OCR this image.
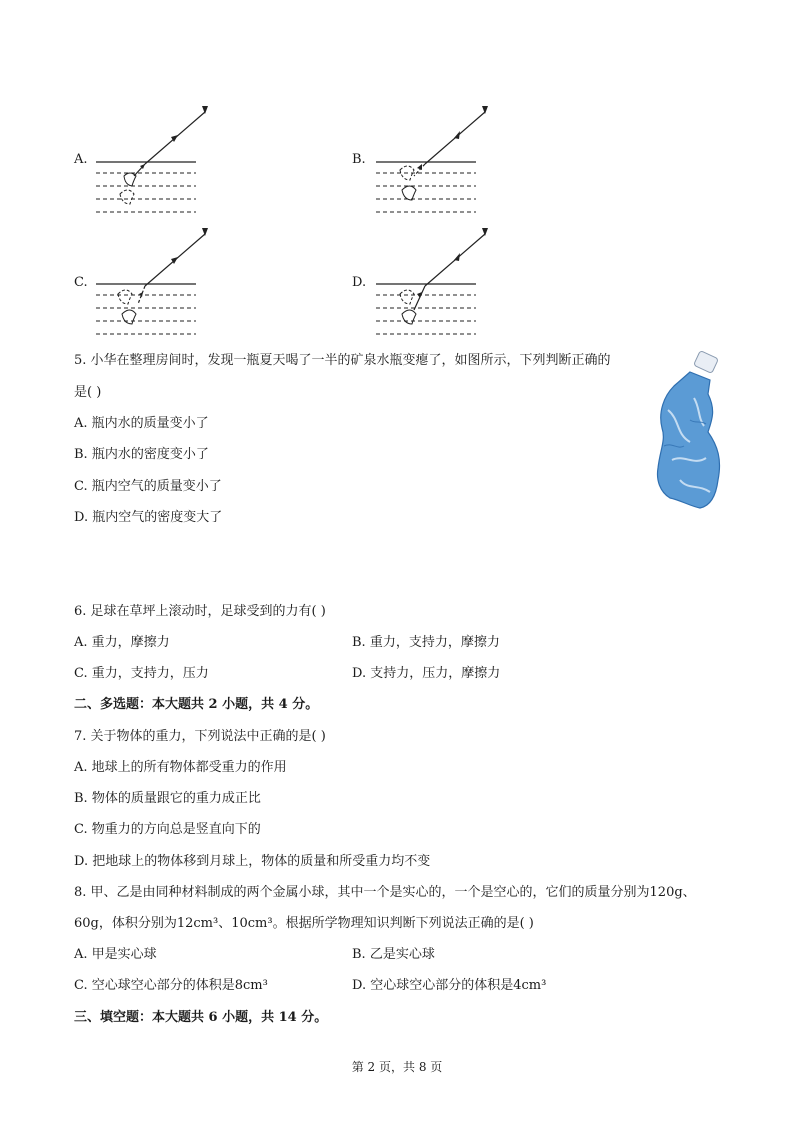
A.	B.
C.	D.
5. 小华在整理房间时，发现一瓶夏天喝了一半的矿泉水瓶变瘪了，如图所示，下列判断正确的
是( )
A. 瓶内水的质量变小了
B. 瓶内水的密度变小了
C. 瓶内空气的质量变小了
D. 瓶内空气的密度变大了
6. 足球在草坪上滚动时，足球受到的力有( )
A. 重力，摩擦力	B. 重力，支持力，摩擦力
C. 重力，支持力，压力	D. 支持力，压力，摩擦力
二、多选题：本大题共 2 小题，共 4 分。
7. 关于物体的重力，下列说法中正确的是( )
A. 地球上的所有物体都受重力的作用
B. 物体的质量跟它的重力成正比
C. 物重力的方向总是竖直向下的
D. 把地球上的物体移到月球上，物体的质量和所受重力均不变
8. 甲、乙是由同种材料制成的两个金属小球，其中一个是实心的，一个是空心的，它们的质量分别为120g、
60g，体积分别为12cm³、10cm³。根据所学物理知识判断下列说法正确的是( )
A. 甲是实心球	B. 乙是实心球
C. 空心球空心部分的体积是8cm³	D. 空心球空心部分的体积是4cm³
三、填空题：本大题共 6 小题，共 14 分。
第 2 页，共 8 页
